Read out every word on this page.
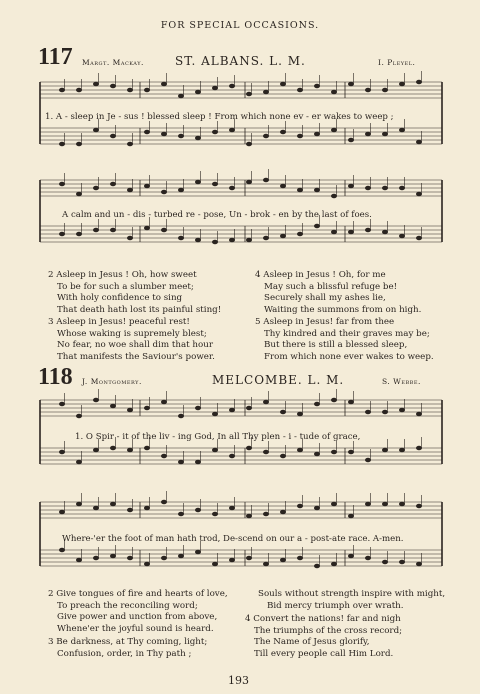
FOR SPECIAL OCCASIONS.
117 Margt. Mackay.	ST. ALBANS. L. M.	I. Pleyel.
1. A - sleep in Je - sus ! blessed sleep ! From which none ev - er wakes to weep ;
A calm and un - dis - turbed re - pose, Un - brok - en by the last of foes.
2 Asleep in Jesus ! Oh, how sweet
To be for such a slumber meet;
With holy confidence to sing
That death hath lost its painful sting!
4 Asleep in Jesus ! Oh, for me
May such a blissful refuge be!
Securely shall my ashes lie,
Waiting the summons from on high.
3 Asleep in Jesus! peaceful rest!
Whose waking is supremely blest;
No fear, no woe shall dim that hour
That manifests the Saviour's power.
5 Asleep in Jesus! far from thee
Thy kindred and their graves may be;
But there is still a blessed sleep,
From which none ever wakes to weep.
118 J. Montgomery.	MELCOMBE. L. M.	S. Webbe.
1. O Spir - it of the liv - ing God, In all Thy plen - i - tude of grace,
Where-'er the foot of man hath trod, De-scend on our a - post-ate race. A-men.
2 Give tongues of fire and hearts of love,
To preach the reconciling word;
Give power and unction from above,
Whene'er the joyful sound is heard.
Souls without strength inspire with might,
Bid mercy triumph over wrath.
3 Be darkness, at Thy coming, light;
Confusion, order, in Thy path ;
4 Convert the nations! far and nigh
The triumphs of the cross record;
The Name of Jesus glorify,
Till every people call Him Lord.
193
